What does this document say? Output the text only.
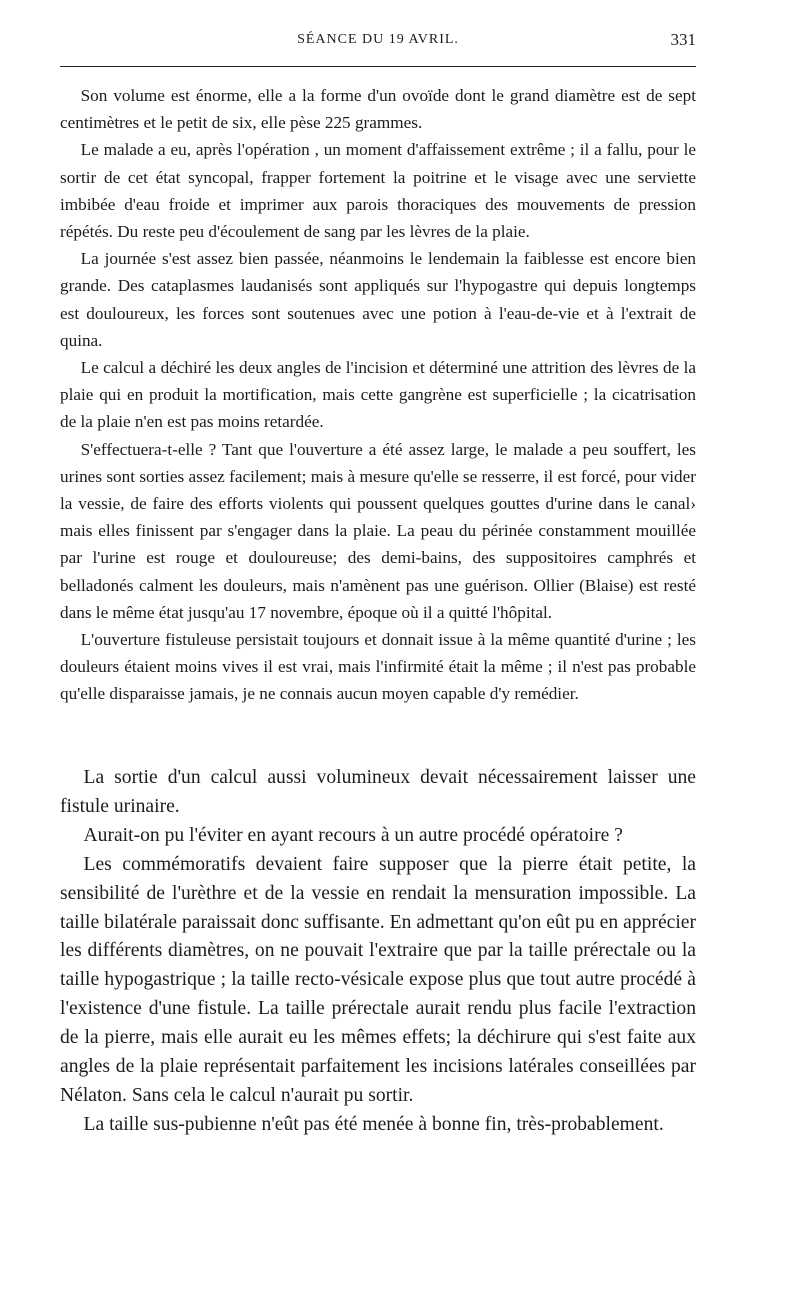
SÉANCE DU 19 AVRIL.	331

Son volume est énorme, elle a la forme d'un ovoïde dont le grand diamètre est de sept centimètres et le petit de six, elle pèse 225 grammes.

Le malade a eu, après l'opération , un moment d'affaissement extrême ; il a fallu, pour le sortir de cet état syncopal, frapper fortement la poitrine et le visage avec une serviette imbibée d'eau froide et imprimer aux parois thoraciques des mouvements de pression répétés. Du reste peu d'écoulement de sang par les lèvres de la plaie.

La journée s'est assez bien passée, néanmoins le lendemain la faiblesse est encore bien grande. Des cataplasmes laudanisés sont appliqués sur l'hypogastre qui depuis longtemps est douloureux, les forces sont soutenues avec une potion à l'eau-de-vie et à l'extrait de quina.

Le calcul a déchiré les deux angles de l'incision et déterminé une attrition des lèvres de la plaie qui en produit la mortification, mais cette gangrène est superficielle ; la cicatrisation de la plaie n'en est pas moins retardée.

S'effectuera-t-elle ? Tant que l'ouverture a été assez large, le malade a peu souffert, les urines sont sorties assez facilement; mais à mesure qu'elle se resserre, il est forcé, pour vider la vessie, de faire des efforts violents qui poussent quelques gouttes d'urine dans le canal› mais elles finissent par s'engager dans la plaie. La peau du périnée constamment mouillée par l'urine est rouge et douloureuse; des demi-bains, des suppositoires camphrés et belladonés calment les douleurs, mais n'amènent pas une guérison. Ollier (Blaise) est resté dans le même état jusqu'au 17 novembre, époque où il a quitté l'hôpital.

L'ouverture fistuleuse persistait toujours et donnait issue à la même quantité d'urine ; les douleurs étaient moins vives il est vrai, mais l'infirmité était la même ; il n'est pas probable qu'elle disparaisse jamais, je ne connais aucun moyen capable d'y remédier.

La sortie d'un calcul aussi volumineux devait nécessairement laisser une fistule urinaire.

Aurait-on pu l'éviter en ayant recours à un autre procédé opératoire ?

Les commémoratifs devaient faire supposer que la pierre était petite, la sensibilité de l'urèthre et de la vessie en rendait la mensuration impossible. La taille bilatérale paraissait donc suffisante. En admettant qu'on eût pu en apprécier les différents diamètres, on ne pouvait l'extraire que par la taille prérectale ou la taille hypogastrique ; la taille recto-vésicale expose plus que tout autre procédé à l'existence d'une fistule. La taille prérectale aurait rendu plus facile l'extraction de la pierre, mais elle aurait eu les mêmes effets; la déchirure qui s'est faite aux angles de la plaie représentait parfaitement les incisions latérales conseillées par Nélaton. Sans cela le calcul n'aurait pu sortir.

La taille sus-pubienne n'eût pas été menée à bonne fin, très-probablement.
